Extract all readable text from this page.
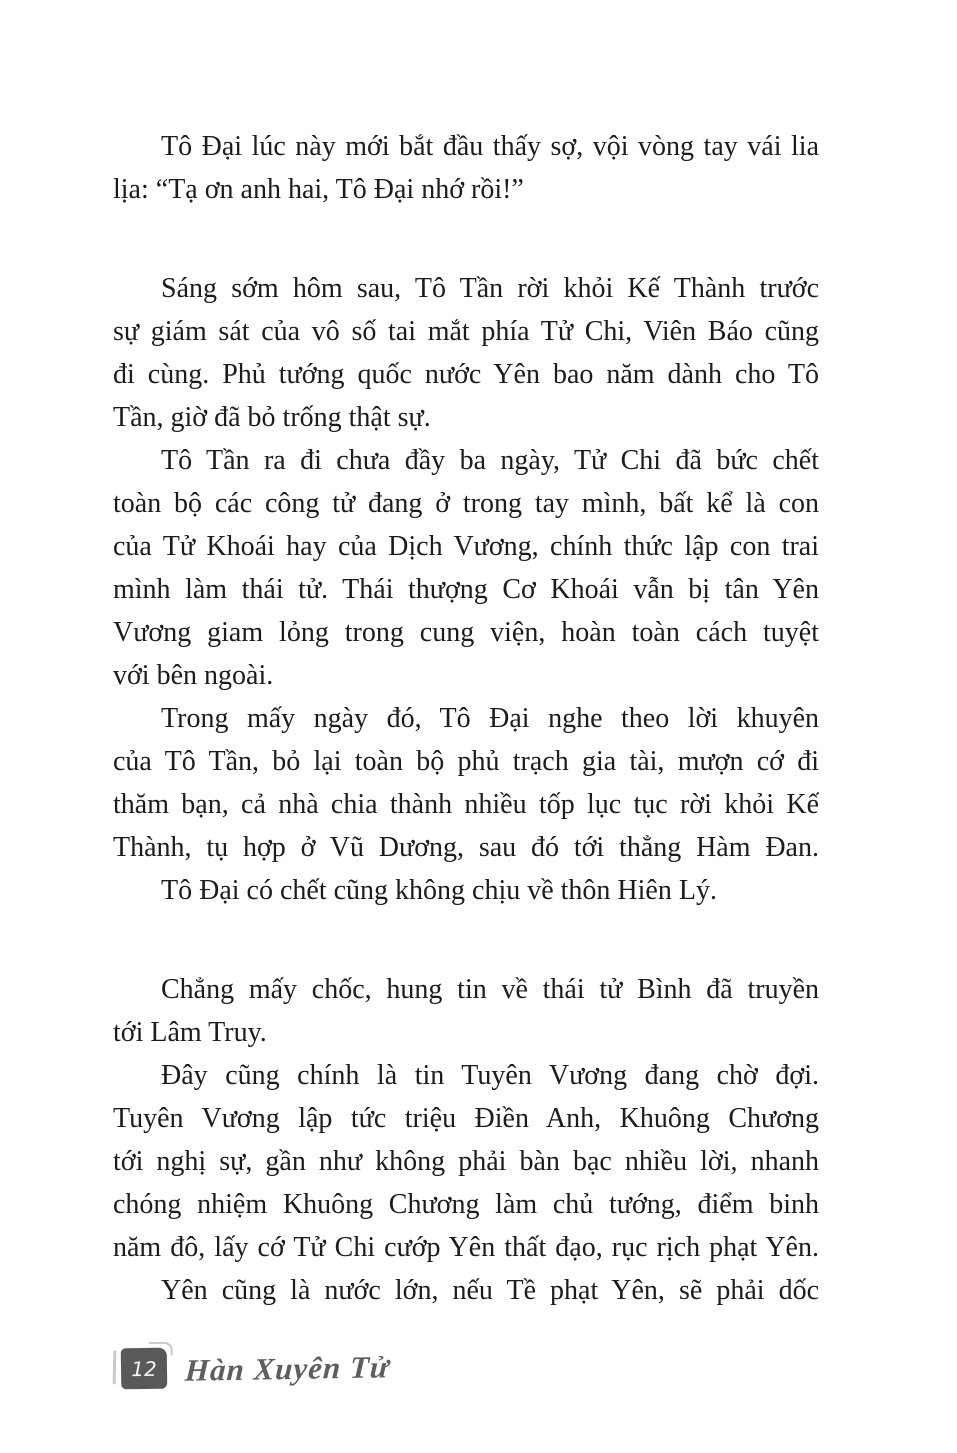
Tô Đại lúc này mới bắt đầu thấy sợ, vội vòng tay vái lia
lịa: “Tạ ơn anh hai, Tô Đại nhớ rồi!”
Sáng sớm hôm sau, Tô Tần rời khỏi Kế Thành trước
sự giám sát của vô số tai mắt phía Tử Chi, Viên Báo cũng
đi cùng. Phủ tướng quốc nước Yên bao năm dành cho Tô
Tần, giờ đã bỏ trống thật sự.
Tô Tần ra đi chưa đầy ba ngày, Tử Chi đã bức chết
toàn bộ các công tử đang ở trong tay mình, bất kể là con
của Tử Khoái hay của Dịch Vương, chính thức lập con trai
mình làm thái tử. Thái thượng Cơ Khoái vẫn bị tân Yên
Vương giam lỏng trong cung viện, hoàn toàn cách tuyệt
với bên ngoài.
Trong mấy ngày đó, Tô Đại nghe theo lời khuyên
của Tô Tần, bỏ lại toàn bộ phủ trạch gia tài, mượn cớ đi
thăm bạn, cả nhà chia thành nhiều tốp lục tục rời khỏi Kế
Thành, tụ hợp ở Vũ Dương, sau đó tới thẳng Hàm Đan.
Tô Đại có chết cũng không chịu về thôn Hiên Lý.
Chẳng mấy chốc, hung tin về thái tử Bình đã truyền
tới Lâm Truy.
Đây cũng chính là tin Tuyên Vương đang chờ đợi.
Tuyên Vương lập tức triệu Điền Anh, Khuông Chương
tới nghị sự, gần như không phải bàn bạc nhiều lời, nhanh
chóng nhiệm Khuông Chương làm chủ tướng, điểm binh
năm đô, lấy cớ Tử Chi cướp Yên thất đạo, rục rịch phạt Yên.
Yên cũng là nước lớn, nếu Tề phạt Yên, sẽ phải dốc
12 Hàn Xuyên Tử
